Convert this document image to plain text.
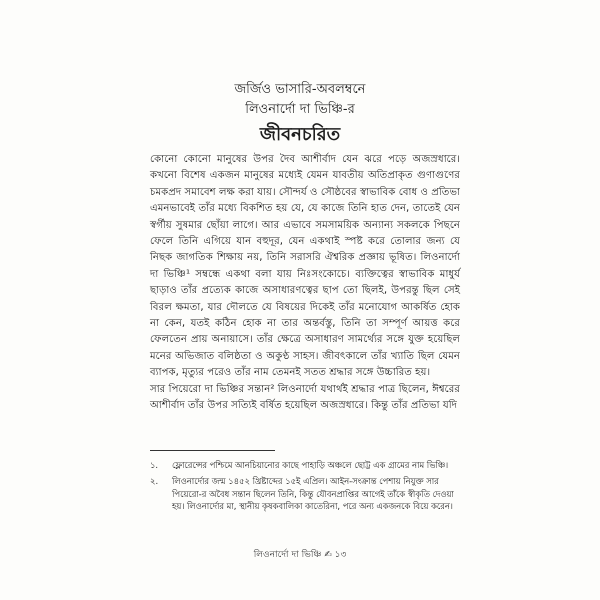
জর্জিও ভাসারি-অবলম্বনে
লিওনার্দো দা ভিঞ্চি-র
জীবনচরিত

কোনো কোনো মানুষের উপর দৈব আশীর্বাদ যেন ঝরে পড়ে অজস্রধারে। কখনো বিশেষ একজন মানুষের মধ্যেই যেমন যাবতীয় অতিপ্রাকৃত গুণাগুণের চমকপ্রদ সমাবেশ লক্ষ করা যায়। সৌন্দর্য ও সৌষ্ঠবের স্বাভাবিক বোধ ও প্রতিভা এমনভাবেই তাঁর মধ্যে বিকশিত হয় যে, যে কাজে তিনি হাত দেন, তাতেই যেন স্বর্গীয় সুষমার ছোঁয়া লাগে। আর এভাবে সমসাময়িক অন্যান্য সকলকে পিছনে ফেলে তিনি এগিয়ে যান বহুদূর, যেন একথাই স্পষ্ট করে তোলার জন্য যে নিছক জাগতিক শিক্ষায় নয়, তিনি সরাসরি ঐশ্বরিক প্রজ্ঞায় ভূষিত। লিওনার্দো দা ভিঞ্চি¹ সম্বন্ধে একথা বলা যায় নিঃসংকোচে। ব্যক্তিত্বের স্বাভাবিক মাধুর্য ছাড়াও তাঁর প্রত্যেক কাজে অসাধারণত্বের ছাপ তো ছিলই, উপরন্তু ছিল সেই বিরল ক্ষমতা, যার দৌলতে যে বিষয়ের দিকেই তাঁর মনোযোগ আকর্ষিত হোক না কেন, যতই কঠিন হোক না তার অন্তর্বস্তু, তিনি তা সম্পূর্ণ আয়ত্ত করে ফেলতেন প্রায় অনায়াসে। তাঁর ক্ষেত্রে অসাধারণ সামর্থ্যের সঙ্গে যুক্ত হয়েছিল মনের অভিজাত বলিষ্ঠতা ও অকুণ্ঠ সাহস। জীবৎকালে তাঁর খ্যাতি ছিল যেমন ব্যাপক, মৃত্যুর পরেও তাঁর নাম তেমনই সতত শ্রদ্ধার সঙ্গে উচ্চারিত হয়।

সার পিয়েরো দা ভিঞ্চির সন্তান² লিওনার্দো যথার্থই শ্রদ্ধার পাত্র ছিলেন, ঈশ্বরের আশীর্বাদ তাঁর উপর সত্যিই বর্ষিত হয়েছিল অজস্রধারে। কিন্তু তাঁর প্রতিভা যদি

১.	ফ্লোরেন্সের পশ্চিমে আনচিয়ানোর কাছে পাহাড়ি অঞ্চলে ছোট্ট এক গ্রামের নাম ভিঞ্চি।
২.	লিওনার্দোর জন্ম ১৪৫২ খ্রিষ্টাব্দের ১৫ই এপ্রিল। আইন-সংক্রান্ত পেশায় নিযুক্ত সার পিয়েরো-র অবৈধ সন্তান ছিলেন তিনি, কিন্তু যৌবনপ্রাপ্তির আগেই তাঁকে স্বীকৃতি দেওয়া হয়। লিওনার্দোর মা, স্থানীয় কৃষকবালিকা কাতেরিনা, পরে অন্য একজনকে বিয়ে করেন।
লিওনার্দো দা ভিঞ্চি ✍ ১৩
